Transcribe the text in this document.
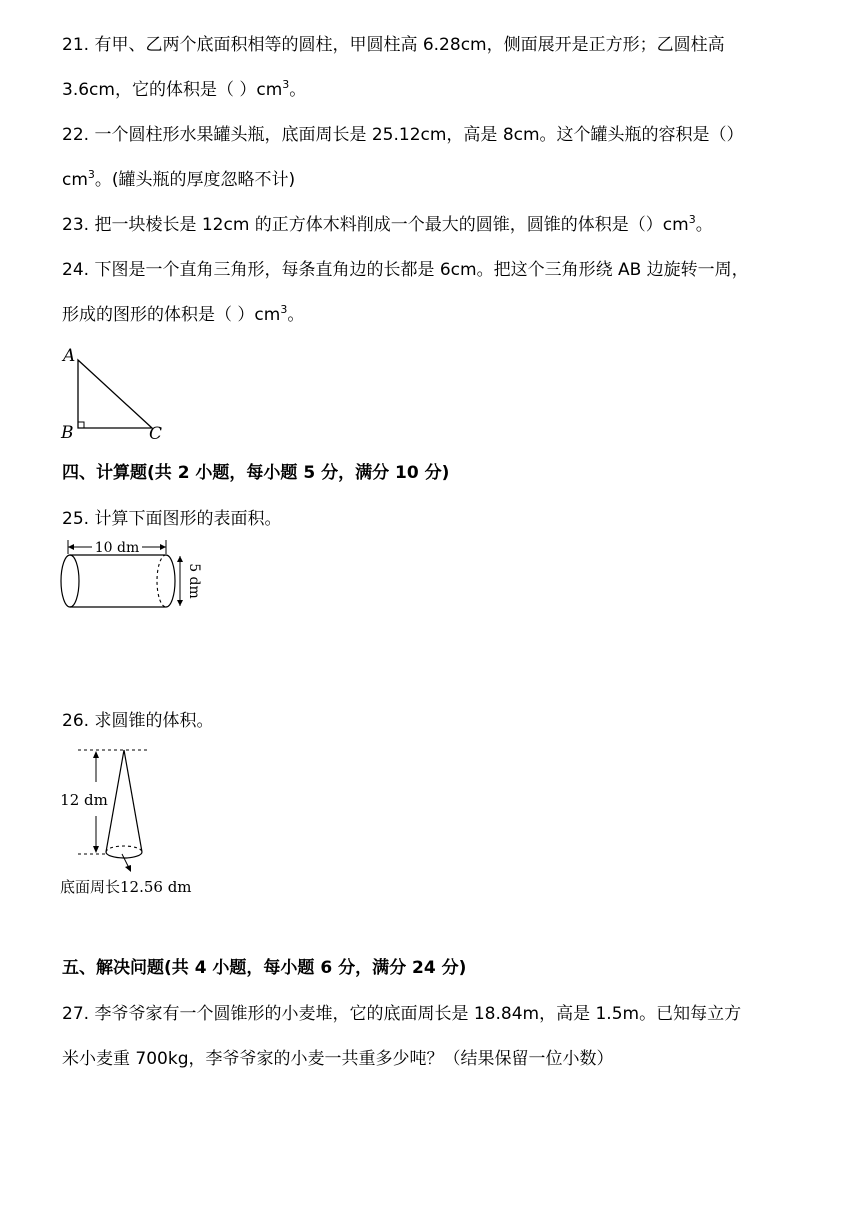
21. 有甲、乙两个底面积相等的圆柱，甲圆柱高 6.28cm，侧面展开是正方形；乙圆柱高
3.6cm，它的体积是（ ）$cm^3$。
22. 一个圆柱形水果罐头瓶，底面周长是 25.12cm，高是 8cm。这个罐头瓶的容积是（）
$cm^3$。(罐头瓶的厚度忽略不计)
23. 把一块棱长是 12cm 的正方体木料削成一个最大的圆锥，圆锥的体积是$()cm^3$。
24. 下图是一个直角三角形，每条直角边的长都是 6cm。把这个三角形绕 AB 边旋转一周，
形成的图形的体积是（ ）$cm^3$。
A
B	C
四、计算题(共 2 小题，每小题 5 分，满分 10 分)
25. 计算下面图形的表面积。
10 dm
5 dm
26. 求圆锥的体积。
12 dm
底面周长12.56 dm
五、解决问题(共 4 小题，每小题 6 分，满分 24 分)
27. 李爷爷家有一个圆锥形的小麦堆，它的底面周长是 18.84m，高是 1.5m。已知每立方
米小麦重 700kg，李爷爷家的小麦一共重多少吨？（结果保留一位小数）
